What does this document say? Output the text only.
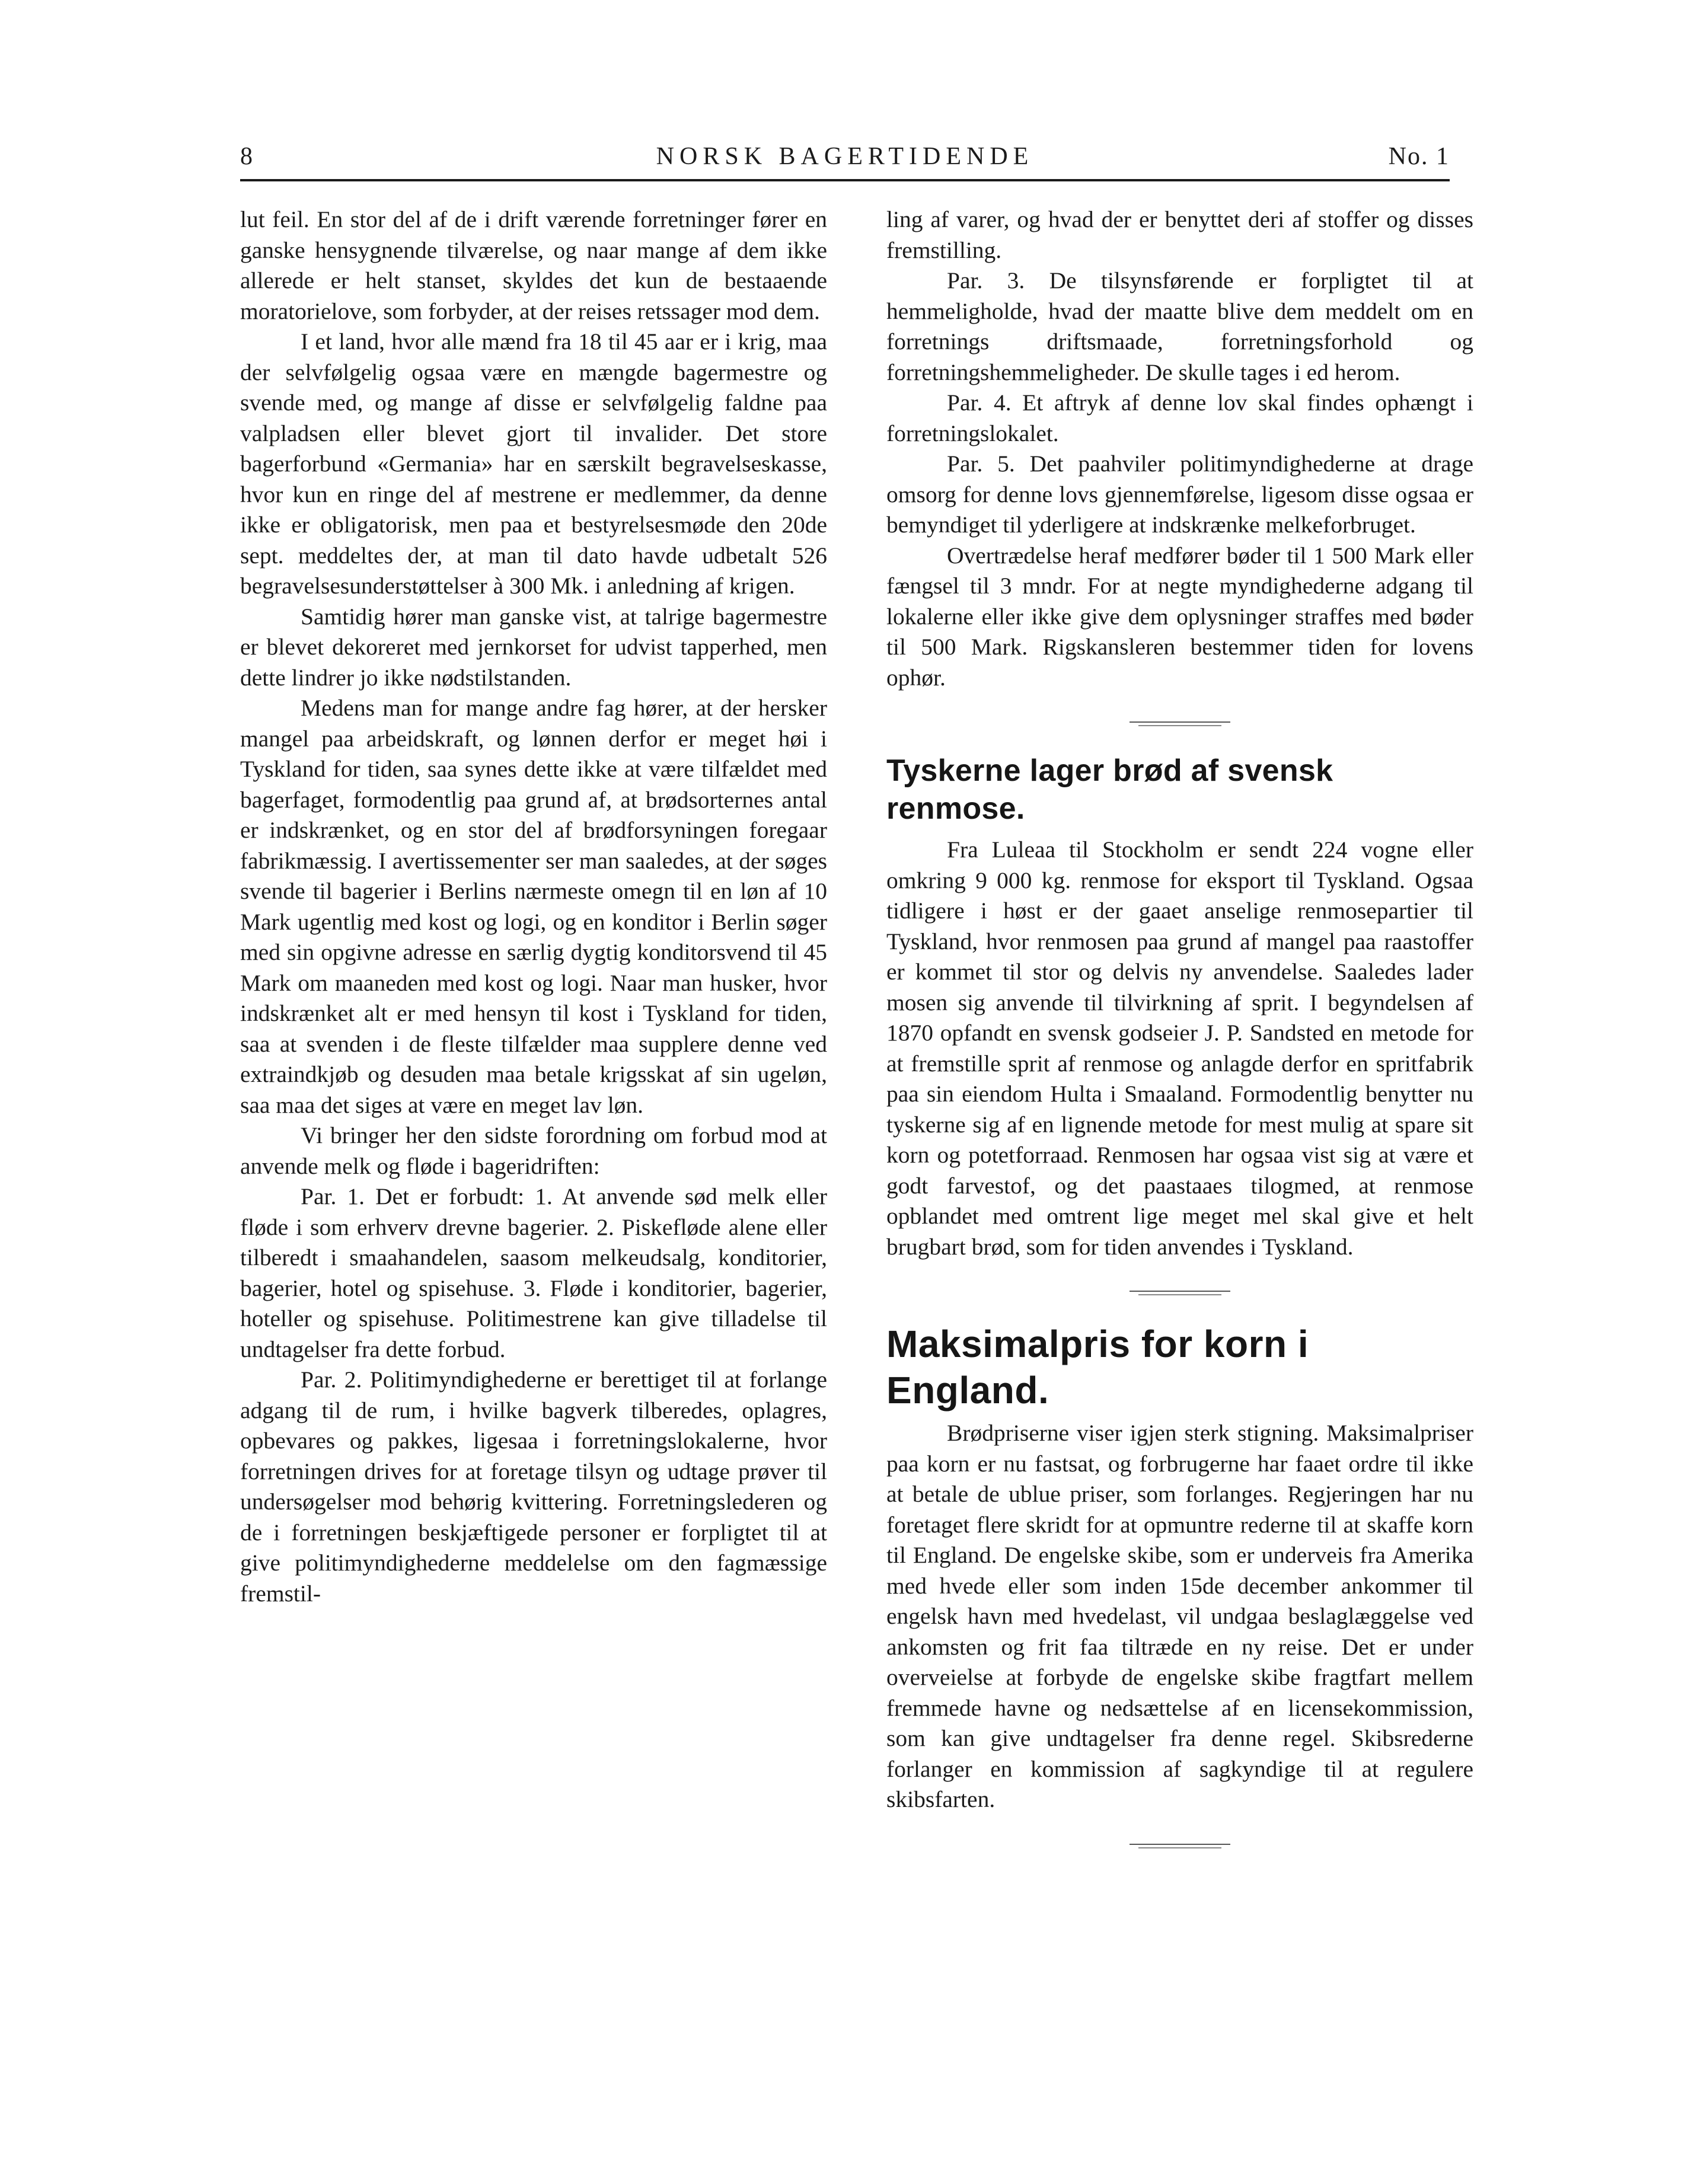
8	NORSK BAGERTIDENDE	No. 1

lut feil. En stor del af de i drift værende forretninger fører en ganske hensygnende tilværelse, og naar mange af dem ikke allerede er helt stanset, skyldes det kun de bestaaende moratorielove, som forbyder, at der reises retssager mod dem.

I et land, hvor alle mænd fra 18 til 45 aar er i krig, maa der selvfølgelig ogsaa være en mængde bagermestre og svende med, og mange af disse er selvfølgelig faldne paa valpladsen eller blevet gjort til invalider. Det store bagerforbund «Germania» har en særskilt begravelseskasse, hvor kun en ringe del af mestrene er medlemmer, da denne ikke er obligatorisk, men paa et bestyrelsesmøde den 20de sept. meddeltes der, at man til dato havde udbetalt 526 begravelsesunderstøttelser à 300 Mk. i anledning af krigen.

Samtidig hører man ganske vist, at talrige bagermestre er blevet dekoreret med jernkorset for udvist tapperhed, men dette lindrer jo ikke nødstilstanden.

Medens man for mange andre fag hører, at der hersker mangel paa arbeidskraft, og lønnen derfor er meget høi i Tyskland for tiden, saa synes dette ikke at være tilfældet med bagerfaget, formodentlig paa grund af, at brødsorternes antal er indskrænket, og en stor del af brødforsyningen foregaar fabrikmæssig. I avertissementer ser man saaledes, at der søges svende til bagerier i Berlins nærmeste omegn til en løn af 10 Mark ugentlig med kost og logi, og en konditor i Berlin søger med sin opgivne adresse en særlig dygtig konditorsvend til 45 Mark om maaneden med kost og logi. Naar man husker, hvor indskrænket alt er med hensyn til kost i Tyskland for tiden, saa at svenden i de fleste tilfælder maa supplere denne ved extraindkjøb og desuden maa betale krigsskat af sin ugeløn, saa maa det siges at være en meget lav løn.

Vi bringer her den sidste forordning om forbud mod at anvende melk og fløde i bageridriften:

Par. 1. Det er forbudt: 1. At anvende sød melk eller fløde i som erhverv drevne bagerier. 2. Piskefløde alene eller tilberedt i smaahandelen, saasom melkeudsalg, konditorier, bagerier, hotel og spisehuse. 3. Fløde i konditorier, bagerier, hoteller og spisehuse. Politimestrene kan give tilladelse til undtagelser fra dette forbud.

Par. 2. Politimyndighederne er berettiget til at forlange adgang til de rum, i hvilke bagverk tilberedes, oplagres, opbevares og pakkes, ligesaa i forretningslokalerne, hvor forretningen drives for at foretage tilsyn og udtage prøver til undersøgelser mod behørig kvittering. Forretningslederen og de i forretningen beskjæftigede personer er forpligtet til at give politimyndighederne meddelelse om den fagmæssige fremstil-

ling af varer, og hvad der er benyttet deri af stoffer og disses fremstilling.

Par. 3. De tilsynsførende er forpligtet til at hemmeligholde, hvad der maatte blive dem meddelt om en forretnings driftsmaade, forretningsforhold og forretningshemmeligheder. De skulle tages i ed herom.

Par. 4. Et aftryk af denne lov skal findes ophængt i forretningslokalet.

Par. 5. Det paahviler politimyndighederne at drage omsorg for denne lovs gjennemførelse, ligesom disse ogsaa er bemyndiget til yderligere at indskrænke melkeforbruget.

Overtrædelse heraf medfører bøder til 1 500 Mark eller fængsel til 3 mndr. For at negte myndighederne adgang til lokalerne eller ikke give dem oplysninger straffes med bøder til 500 Mark. Rigskansleren bestemmer tiden for lovens ophør.

Tyskerne lager brød af svensk renmose.

Fra Luleaa til Stockholm er sendt 224 vogne eller omkring 9 000 kg. renmose for eksport til Tyskland. Ogsaa tidligere i høst er der gaaet anselige renmosepartier til Tyskland, hvor renmosen paa grund af mangel paa raastoffer er kommet til stor og delvis ny anvendelse. Saaledes lader mosen sig anvende til tilvirkning af sprit. I begyndelsen af 1870 opfandt en svensk godseier J. P. Sandsted en metode for at fremstille sprit af renmose og anlagde derfor en spritfabrik paa sin eiendom Hulta i Smaaland. Formodentlig benytter nu tyskerne sig af en lignende metode for mest mulig at spare sit korn og potetforraad. Renmosen har ogsaa vist sig at være et godt farvestof, og det paastaaes tilogmed, at renmose opblandet med omtrent lige meget mel skal give et helt brugbart brød, som for tiden anvendes i Tyskland.

Maksimalpris for korn i England.

Brødpriserne viser igjen sterk stigning. Maksimalpriser paa korn er nu fastsat, og forbrugerne har faaet ordre til ikke at betale de ublue priser, som forlanges. Regjeringen har nu foretaget flere skridt for at opmuntre rederne til at skaffe korn til England. De engelske skibe, som er underveis fra Amerika med hvede eller som inden 15de december ankommer til engelsk havn med hvedelast, vil undgaa beslaglæggelse ved ankomsten og frit faa tiltræde en ny reise. Det er under overveielse at forbyde de engelske skibe fragtfart mellem fremmede havne og nedsættelse af en licensekommission, som kan give undtagelser fra denne regel. Skibsrederne forlanger en kommission af sagkyndige til at regulere skibsfarten.
